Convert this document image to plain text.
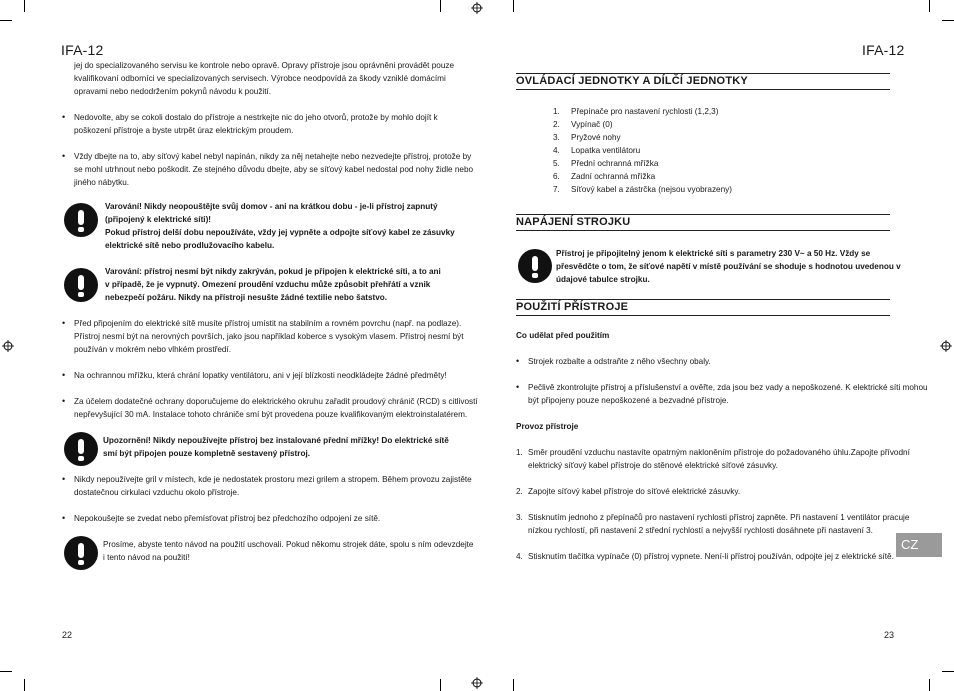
IFA-12
jej do specializovaného servisu ke kontrole nebo opravě. Opravy přístroje jsou oprávněni provádět pouze
kvalifikovaní odborníci ve specializovaných servisech. Výrobce neodpovídá za škody vzniklé domácími
opravami nebo nedodržením pokynů návodu k použití.
• Nedovolte, aby se cokoli dostalo do přístroje a nestrkejte nic do jeho otvorů, protože by mohlo dojít k
poškození přístroje a byste utrpět úraz elektrickým proudem.
• Vždy dbejte na to, aby síťový kabel nebyl napínán, nikdy za něj netahejte nebo nezvedejte přístroj, protože by
se mohl utrhnout nebo poškodit. Ze stejného důvodu dbejte, aby se síťový kabel nedostal pod nohy židle nebo
jiného nábytku.
Varování! Nikdy neopouštějte svůj domov - ani na krátkou dobu - je-li přístroj zapnutý
(připojený k elektrické síti)!
Pokud přístroj delší dobu nepoužíváte, vždy jej vypněte a odpojte síťový kabel ze zásuvky
elektrické sítě nebo prodlužovacího kabelu.
Varování: přístroj nesmí být nikdy zakrýván, pokud je připojen k elektrické síti, a to ani
v případě, že je vypnutý. Omezení proudění vzduchu může způsobit přehřátí a vznik
nebezpečí požáru. Nikdy na přístroji nesušte žádné textilie nebo šatstvo.
• Před připojením do elektrické sítě musíte přístroj umístit na stabilním a rovném povrchu (např. na podlaze).
Přístroj nesmí být na nerovných površích, jako jsou například koberce s vysokým vlasem. Přístroj nesmí být
používán v mokrém nebo vlhkém prostředí.
• Na ochrannou mřížku, která chrání lopatky ventilátoru, ani v její blízkosti neodkládejte žádné předměty!
• Za účelem dodatečné ochrany doporučujeme do elektrického okruhu zařadit proudový chránič (RCD) s citlivostí
nepřevyšující 30 mA. Instalace tohoto chrániče smí být provedena pouze kvalifikovaným elektroinstalatérem.
Upozornění! Nikdy nepoužívejte přístroj bez instalované přední mřížky! Do elektrické sítě
smí být připojen pouze kompletně sestavený přístroj.
• Nikdy nepoužívejte gril v místech, kde je nedostatek prostoru mezi grilem a stropem. Během provozu zajistěte
dostatečnou cirkulaci vzduchu okolo přístroje.
• Nepokoušejte se zvedat nebo přemísťovat přístroj bez předchozího odpojení ze sítě.
Prosíme, abyste tento návod na použití uschovali. Pokud někomu strojek dáte, spolu s ním odevzdejte
i tento návod na použití!
22
IFA-12
OVLÁDACÍ JEDNOTKY A DÍLČÍ JEDNOTKY
1. Přepínače pro nastavení rychlosti (1,2,3)
2. Vypínač (0)
3. Pryžové nohy
4. Lopatka ventilátoru
5. Přední ochranná mřížka
6. Zadní ochranná mřížka
7. Síťový kabel a zástrčka (nejsou vyobrazeny)
NAPÁJENÍ STROJKU
Přístroj je připojitelný jenom k elektrické síti s parametry 230 V~ a 50 Hz. Vždy se
přesvědčte o tom, že síťové napětí v místě používání se shoduje s hodnotou uvedenou v
údajové tabulce strojku.
POUŽITÍ PŘÍSTROJE
Co udělat před použitím
• Strojek rozbalte a odstraňte z něho všechny obaly.
• Pečlivě zkontrolujte přístroj a příslušenství a ověřte, zda jsou bez vady a nepoškozené. K elektrické síti mohou
být připojeny pouze nepoškozené a bezvadné přístroje.
Provoz přístroje
1. Směr proudění vzduchu nastavíte opatrným nakloněním přístroje do požadovaného úhlu.Zapojte přívodní
elektrický síťový kabel přístroje do stěnové elektrické síťové zásuvky.
2. Zapojte síťový kabel přístroje do síťové elektrické zásuvky.
3. Stisknutím jednoho z přepínačů pro nastavení rychlosti přístroj zapněte. Při nastavení 1 ventilátor pracuje
nízkou rychlostí, při nastavení 2 střední rychlostí a nejvyšší rychlosti dosáhnete při nastavení 3.
4. Stisknutím tlačítka vypínače (0) přístroj vypnete. Není-li přístroj používán, odpojte jej z elektrické sítě.
CZ
23
